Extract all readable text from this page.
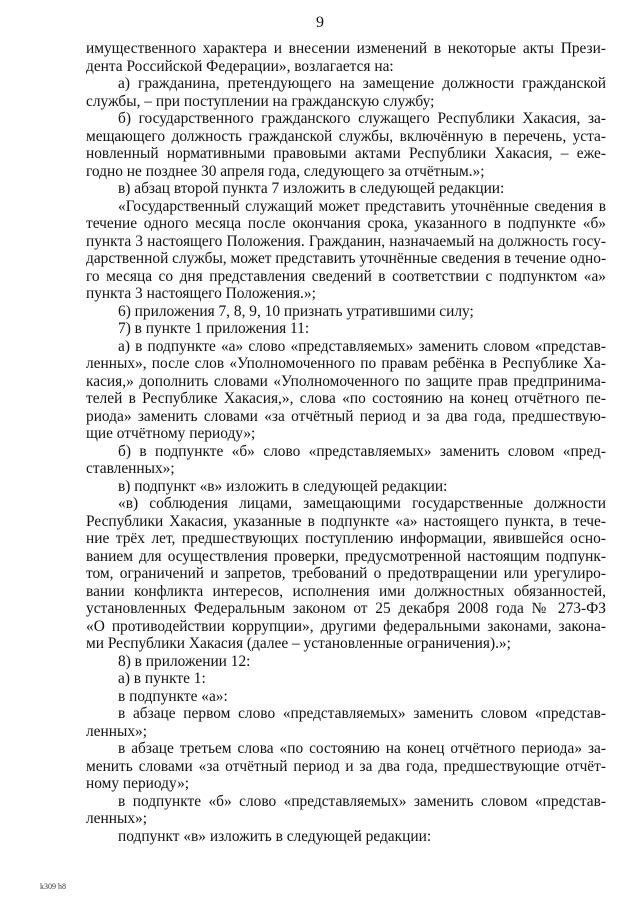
9
имущественного характера и внесении изменений в некоторые акты Прези-
дента Российской Федерации», возлагается на:
а) гражданина, претендующего на замещение должности гражданской
службы, – при поступлении на гражданскую службу;
б) государственного гражданского служащего Республики Хакасия, за-
мещающего должность гражданской службы, включённую в перечень, уста-
новленный нормативными правовыми актами Республики Хакасия, – еже-
годно не позднее 30 апреля года, следующего за отчётным.»;
в) абзац второй пункта 7 изложить в следующей редакции:
«Государственный служащий может представить уточнённые сведения в
течение одного месяца после окончания срока, указанного в подпункте «б»
пункта 3 настоящего Положения. Гражданин, назначаемый на должность госу-
дарственной службы, может представить уточнённые сведения в течение одно-
го месяца со дня представления сведений в соответствии с подпунктом «а»
пункта 3 настоящего Положения.»;
6) приложения 7, 8, 9, 10 признать утратившими силу;
7) в пункте 1 приложения 11:
а) в подпункте «а» слово «представляемых» заменить словом «представ-
ленных», после слов «Уполномоченного по правам ребёнка в Республике Ха-
касия,» дополнить словами «Уполномоченного по защите прав предпринима-
телей в Республике Хакасия,», слова «по состоянию на конец отчётного пе-
риода» заменить словами «за отчётный период и за два года, предшествую-
щие отчётному периоду»;
б) в подпункте «б» слово «представляемых» заменить словом «пред-
ставленных»;
в) подпункт «в» изложить в следующей редакции:
«в) соблюдения лицами, замещающими государственные должности
Республики Хакасия, указанные в подпункте «а» настоящего пункта, в тече-
ние трёх лет, предшествующих поступлению информации, явившейся осно-
ванием для осуществления проверки, предусмотренной настоящим подпунк-
том, ограничений и запретов, требований о предотвращении или урегулиро-
вании конфликта интересов, исполнения ими должностных обязанностей,
установленных Федеральным законом от 25 декабря 2008 года № 273-ФЗ
«О противодействии коррупции», другими федеральными законами, законa-
ми Республики Хакасия (далее – установленные ограничения).»;
8) в приложении 12:
а) в пункте 1:
в подпункте «а»:
в абзаце первом слово «представляемых» заменить словом «представ-
ленных»;
в абзаце третьем слова «по состоянию на конец отчётного периода» за-
менить словами «за отчётный период и за два года, предшествующие отчёт-
ному периоду»;
в подпункте «б» слово «представляемых» заменить словом «представ-
ленных»;
подпункт «в» изложить в следующей редакции:
k309 h8
